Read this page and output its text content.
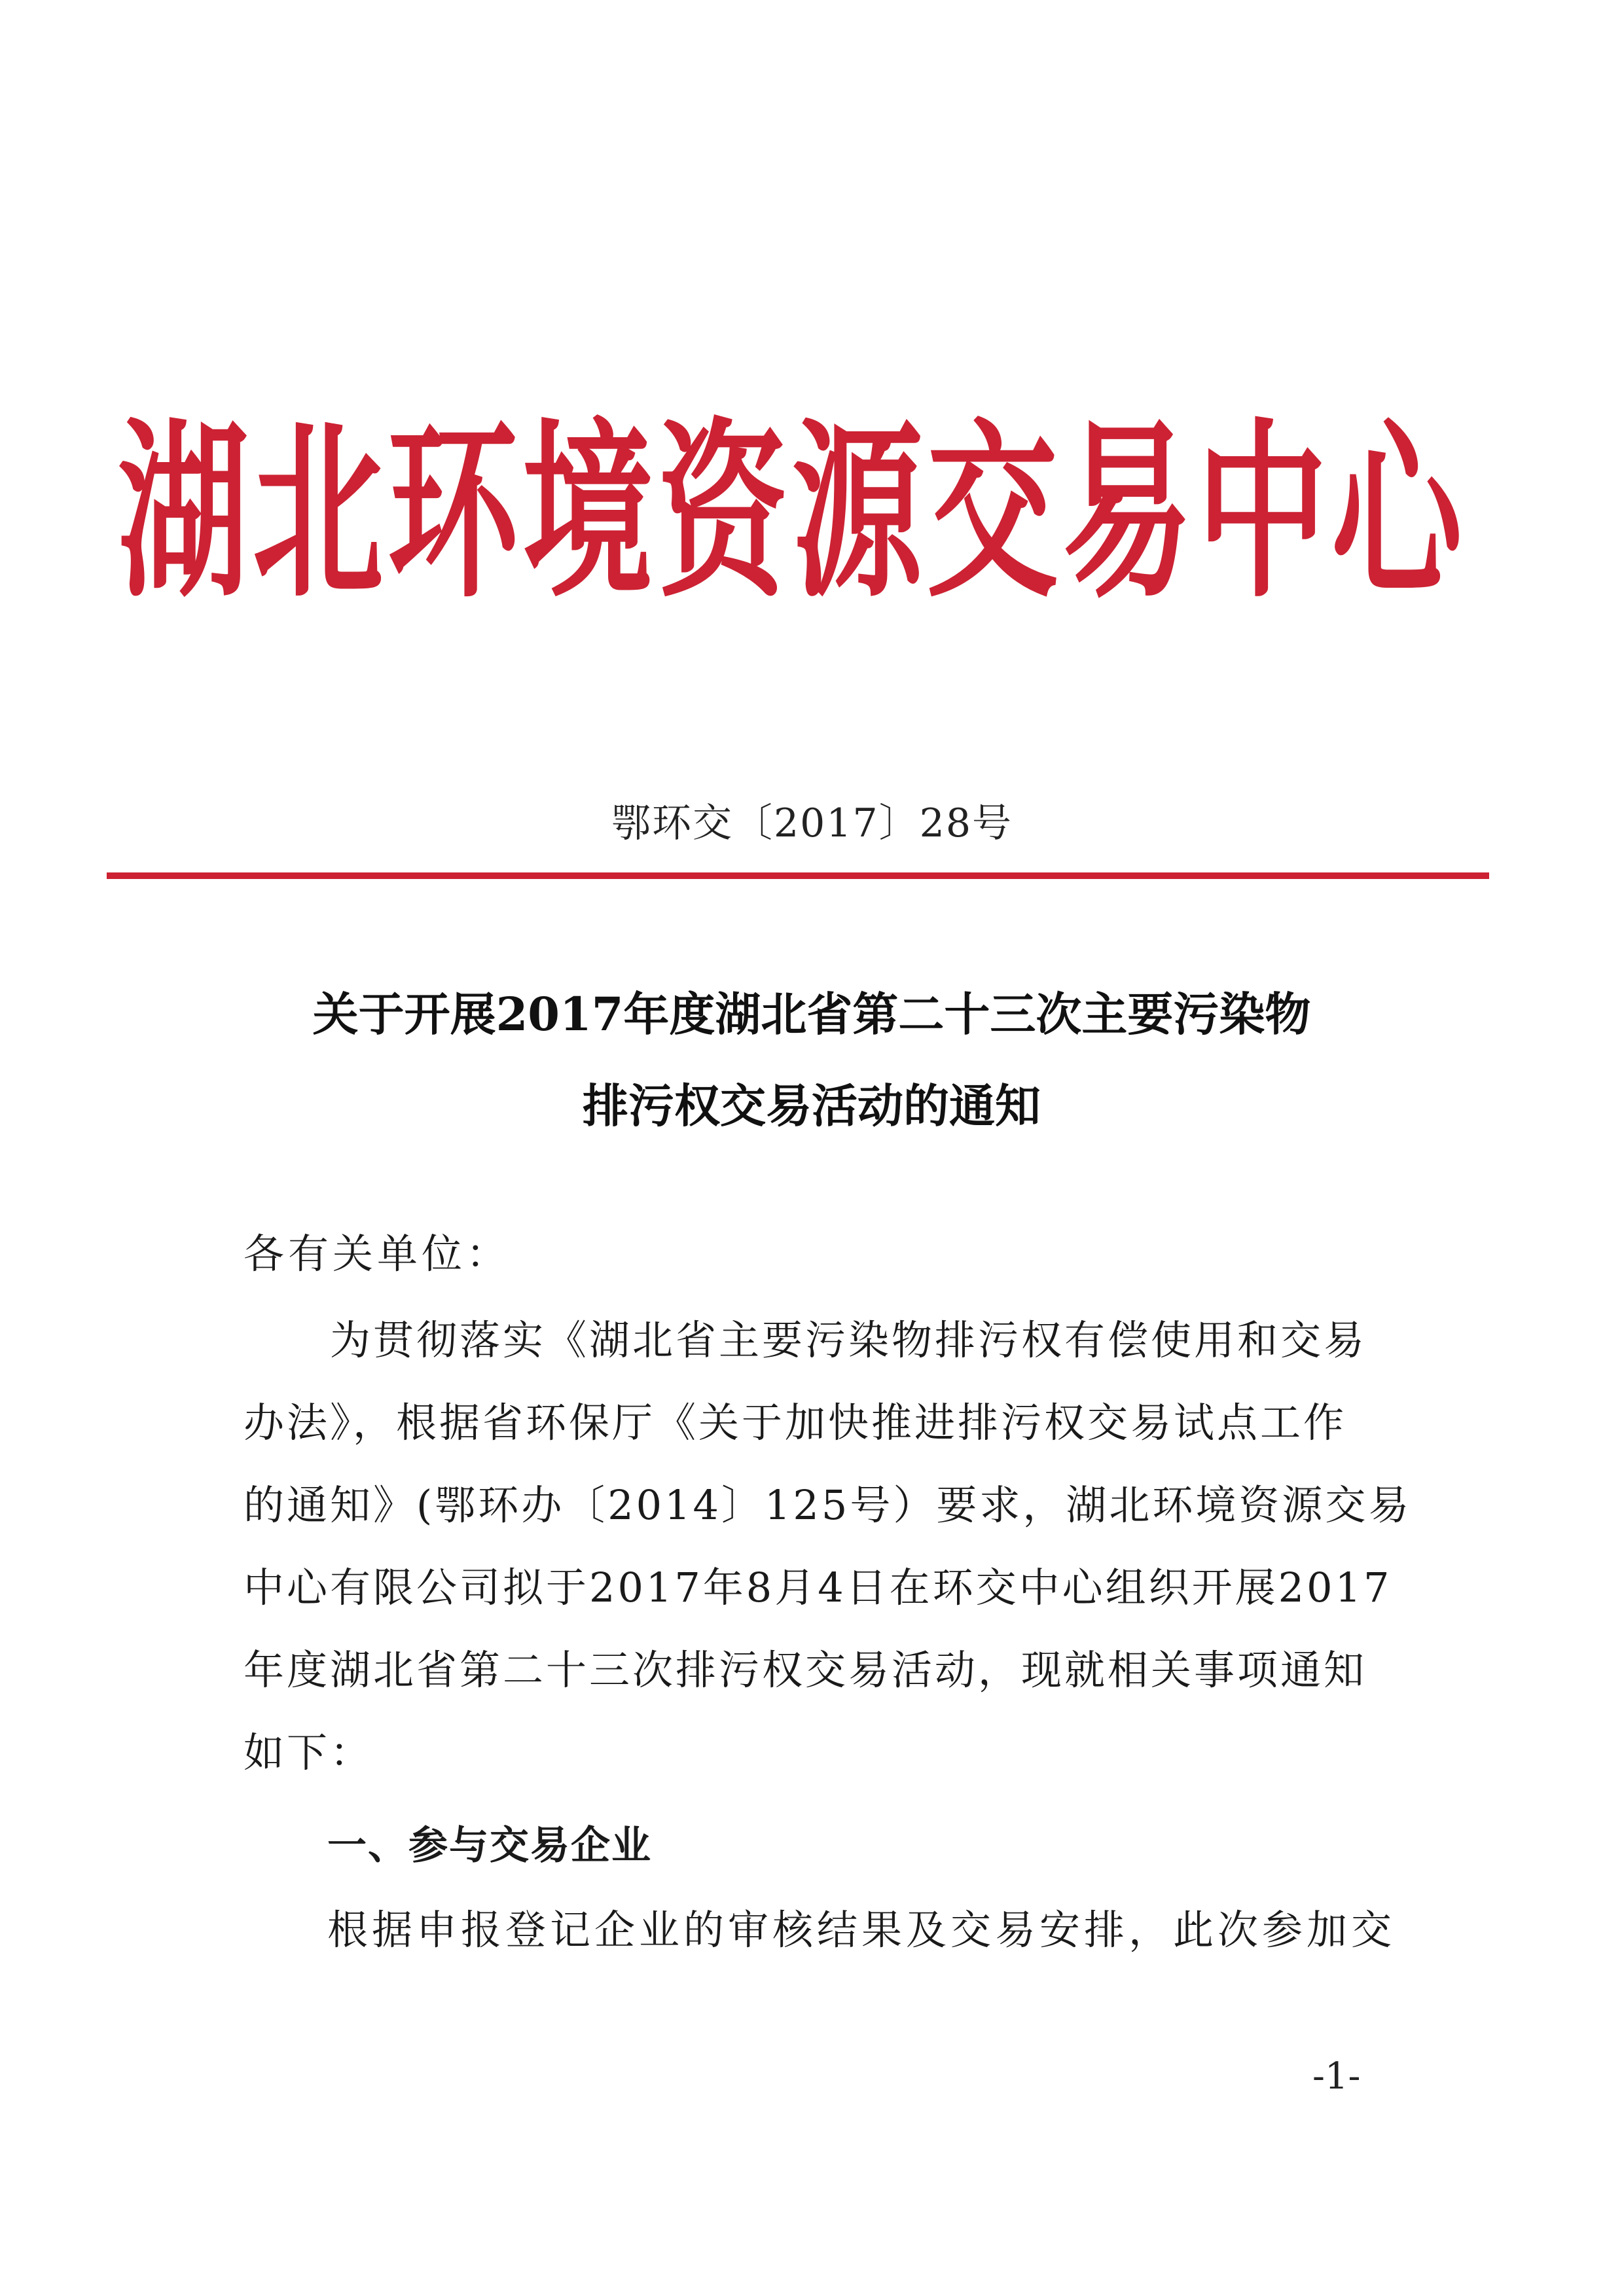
湖北环境资源交易中心
鄂环交〔2017〕28号
关于开展2017年度湖北省第二十三次主要污染物
排污权交易活动的通知
各有关单位：
　　为贯彻落实《湖北省主要污染物排污权有偿使用和交易
办法》，根据省环保厅《关于加快推进排污权交易试点工作
的通知》(鄂环办〔2014〕125号）要求，湖北环境资源交易
中心有限公司拟于2017年8月4日在环交中心组织开展2017
年度湖北省第二十三次排污权交易活动，现就相关事项通知
如下：
一、参与交易企业
根据申报登记企业的审核结果及交易安排，此次参加交
-1-
